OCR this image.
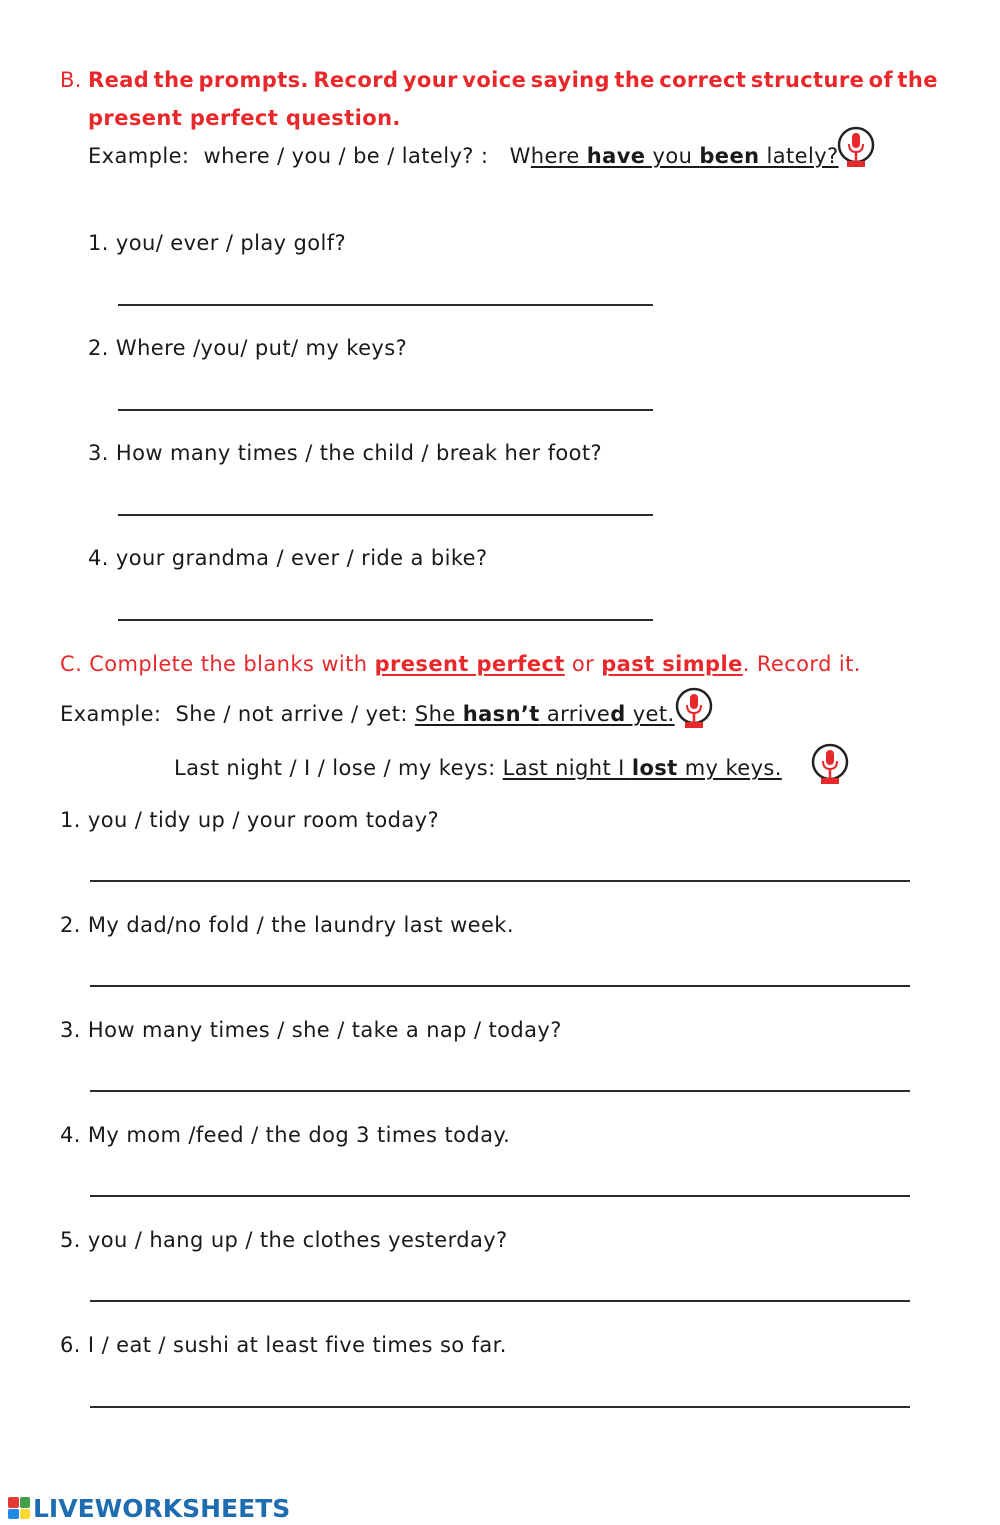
B. Read the prompts. Record your voice saying the correct structure of the
present perfect question.
Example: where / you / be / lately? : Where have you been lately?
1. you/ ever / play golf?
2. Where /you/ put/ my keys?
3. How many times / the child / break her foot?
4. your grandma / ever / ride a bike?
C. Complete the blanks with present perfect or past simple. Record it.
Example: She / not arrive / yet: She hasn’t arrived yet.
Last night / I / lose / my keys: Last night I lost my keys.
1. you / tidy up / your room today?
2. My dad/no fold / the laundry last week.
3. How many times / she / take a nap / today?
4. My mom /feed / the dog 3 times today.
5. you / hang up / the clothes yesterday?
6. I / eat / sushi at least five times so far.
LIVEWORKSHEETS
